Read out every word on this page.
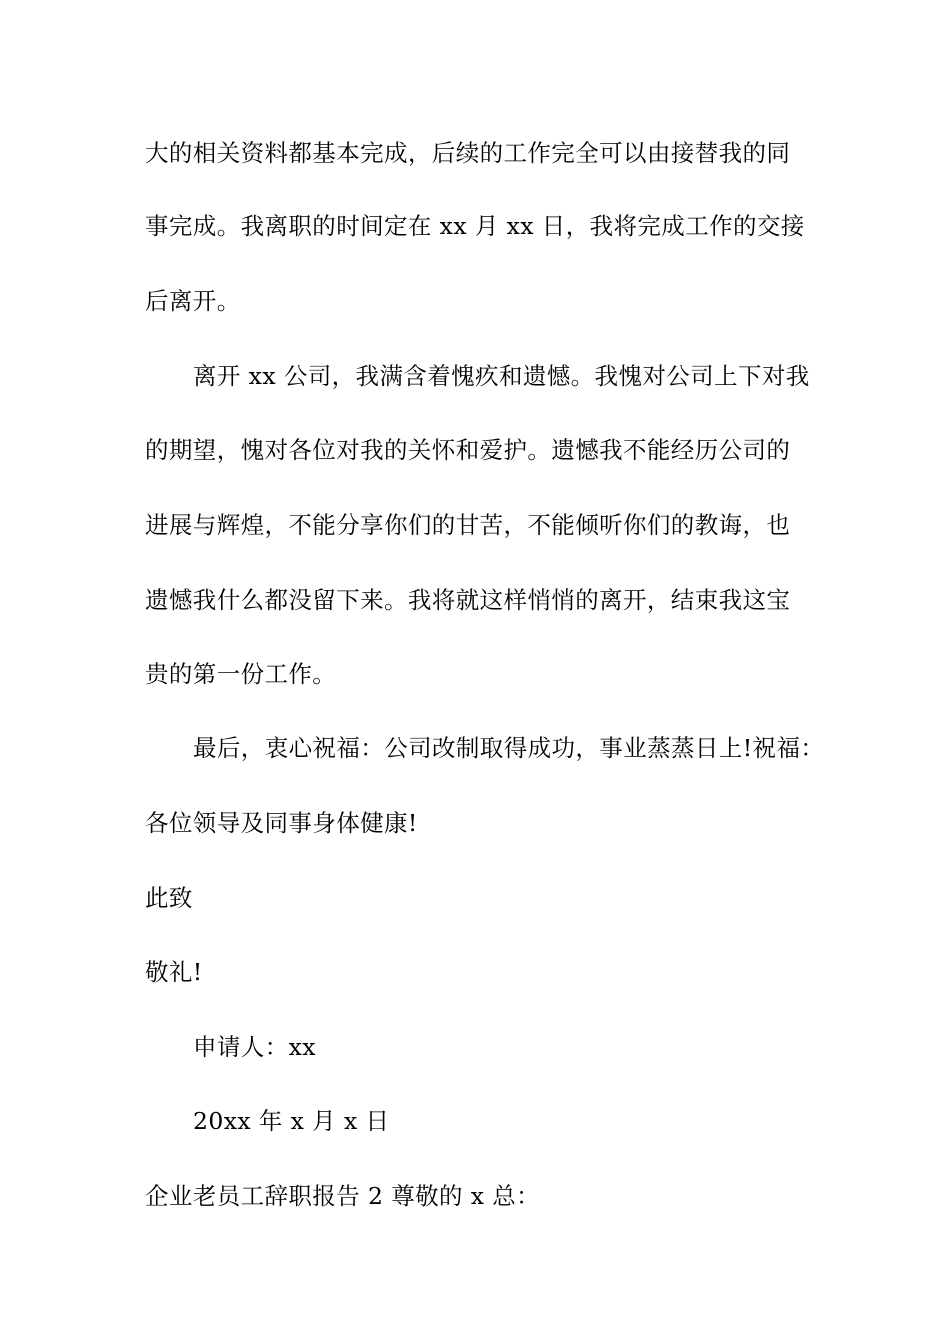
大的相关资料都基本完成，后续的工作完全可以由接替我的同
事完成。我离职的时间定在 xx 月 xx 日，我将完成工作的交接
后离开。
离开 xx 公司，我满含着愧疚和遗憾。我愧对公司上下对我
的期望，愧对各位对我的关怀和爱护。遗憾我不能经历公司的
进展与辉煌，不能分享你们的甘苦，不能倾听你们的教诲，也
遗憾我什么都没留下来。我将就这样悄悄的离开，结束我这宝
贵的第一份工作。
最后，衷心祝福：公司改制取得成功，事业蒸蒸日上!祝福：
各位领导及同事身体健康!
此致
敬礼!
申请人：xx
20xx 年 x 月 x 日
企业老员工辞职报告 2 尊敬的 x 总：
